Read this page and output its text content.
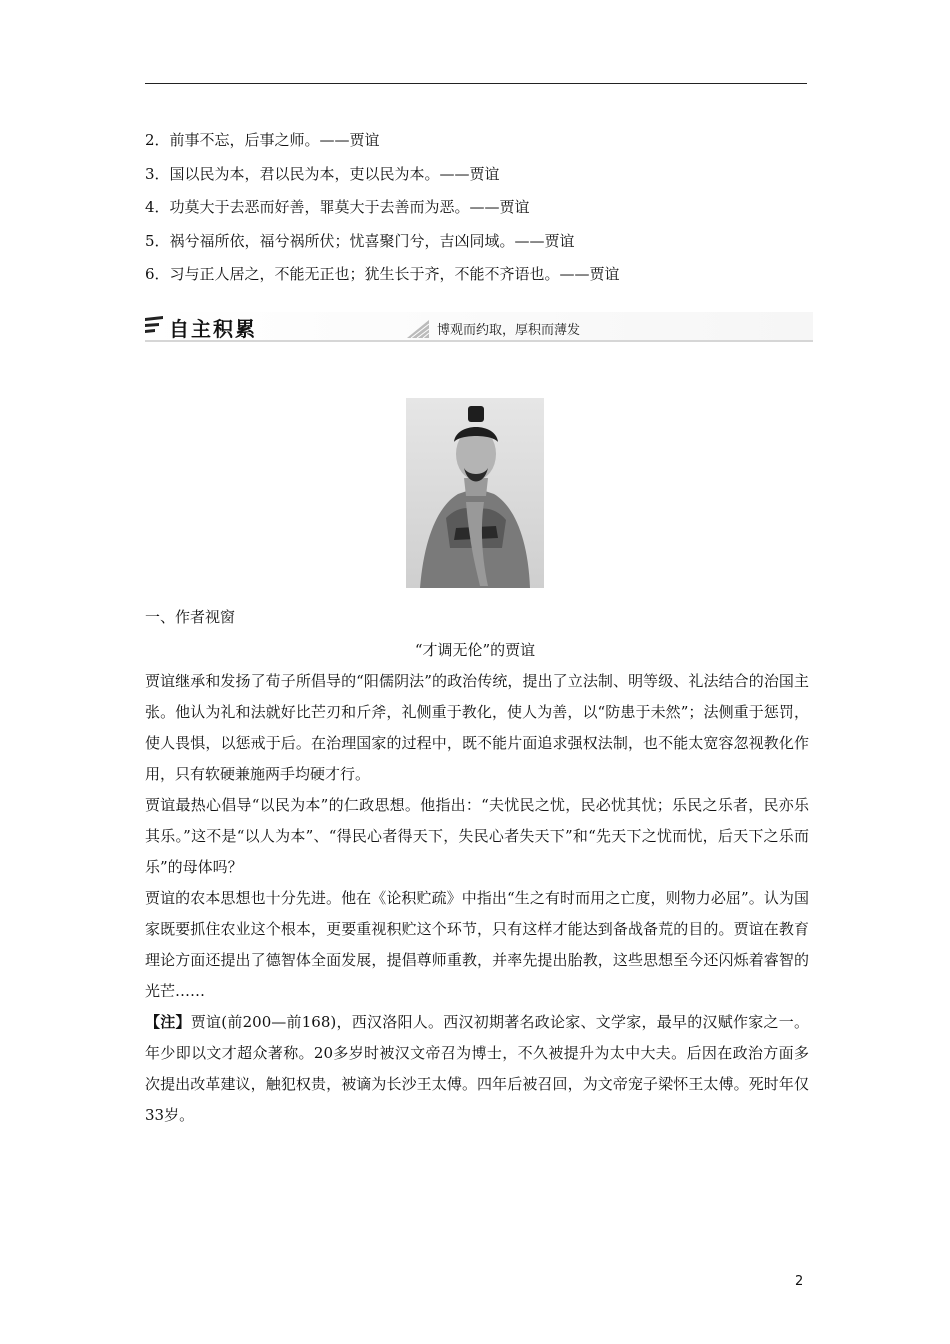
2．前事不忘，后事之师。——贾谊
3．国以民为本，君以民为本，吏以民为本。——贾谊
4．功莫大于去恶而好善，罪莫大于去善而为恶。——贾谊
5．祸兮福所依，福兮祸所伏；忧喜聚门兮，吉凶同域。——贾谊
6．习与正人居之，不能无正也；犹生长于齐，不能不齐语也。——贾谊
自主积累	博观而约取，厚积而薄发
一、作者视窗
“才调无伦”的贾谊

贾谊继承和发扬了荀子所倡导的“阳儒阴法”的政治传统，提出了立法制、明等级、礼法结合的治国主张。他认为礼和法就好比芒刃和斤斧，礼侧重于教化，使人为善，以“防患于未然”；法侧重于惩罚，使人畏惧，以惩戒于后。在治理国家的过程中，既不能片面追求强权法制，也不能太宽容忽视教化作用，只有软硬兼施两手均硬才行。

贾谊最热心倡导“以民为本”的仁政思想。他指出：“夫忧民之忧，民必忧其忧；乐民之乐者，民亦乐其乐。”这不是“以人为本”、“得民心者得天下，失民心者失天下”和“先天下之忧而忧，后天下之乐而乐”的母体吗？

贾谊的农本思想也十分先进。他在《论积贮疏》中指出“生之有时而用之亡度，则物力必屈”。认为国家既要抓住农业这个根本，更要重视积贮这个环节，只有这样才能达到备战备荒的目的。贾谊在教育理论方面还提出了德智体全面发展，提倡尊师重教，并率先提出胎教，这些思想至今还闪烁着睿智的光芒……

【注】贾谊(前200—前168)，西汉洛阳人。西汉初期著名政论家、文学家，最早的汉赋作家之一。年少即以文才超众著称。20多岁时被汉文帝召为博士，不久被提升为太中大夫。后因在政治方面多次提出改革建议，触犯权贵，被谪为长沙王太傅。四年后被召回，为文帝宠子梁怀王太傅。死时年仅33岁。

2
